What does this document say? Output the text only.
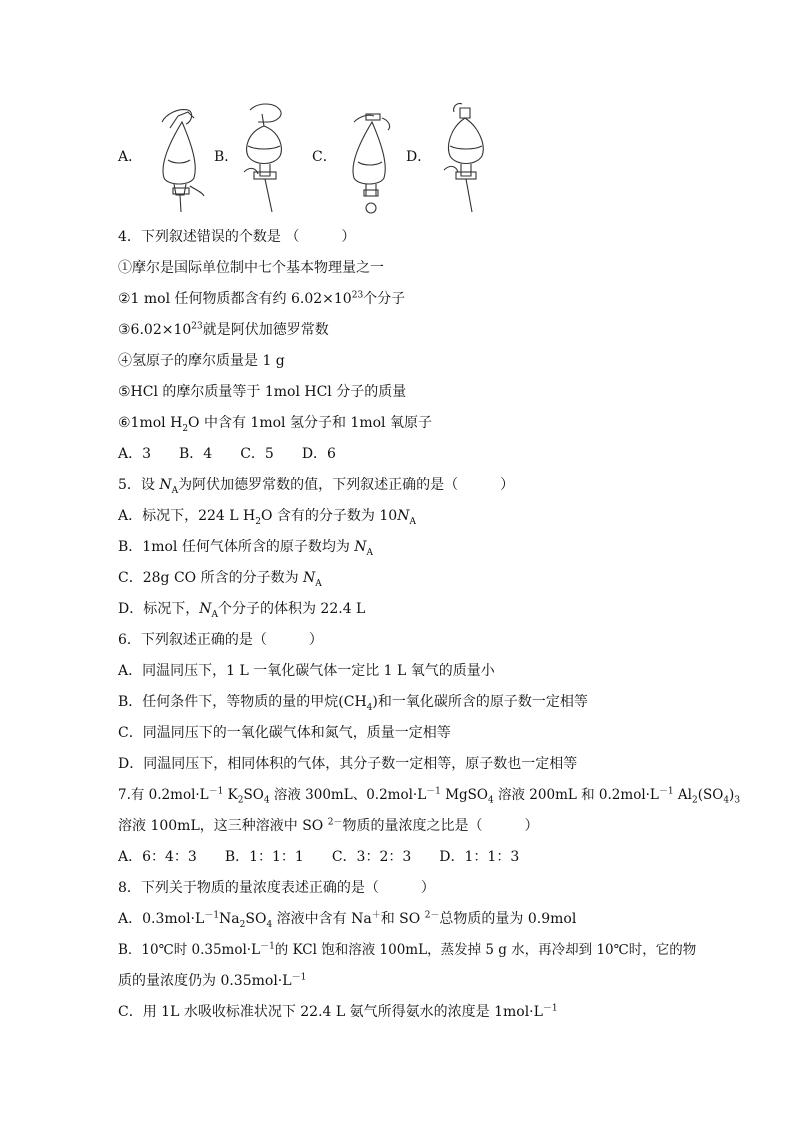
A．	B．	C．	D．
4．下列叙述错误的个数是 （　　　）
①摩尔是国际单位制中七个基本物理量之一
②1 mol 任何物质都含有约 $6.02\times 10^{23}$个分子
$③6.02\times 10^{23}$就是阿伏加德罗常数
④氢原子的摩尔质量是 1 g
⑤HCl 的摩尔质量等于 1mol HCl 分子的质量
⑥1mol $H_2O$ 中含有 1mol 氢分子和 1mol 氧原子
A．3　　B．4　　C．5　　D．6
5．设 $N_A$为阿伏加德罗常数的值，下列叙述正确的是（　　　）
A．标况下，224 L $H_2O$ 含有的分子数为 $10N_A$
B．1mol 任何气体所含的原子数均为 $N_A$
C．28g CO 所含的分子数为 $N_A$
D．标况下，$N_A$个分子的体积为 22.4 L
6．下列叙述正确的是（　　　）
A．同温同压下，1 L 一氧化碳气体一定比 1 L 氧气的质量小
B．任何条件下，等物质的量的甲烷$(CH_4)$和一氧化碳所含的原子数一定相等
C．同温同压下的一氧化碳气体和氮气，质量一定相等
D．同温同压下，相同体积的气体，其分子数一定相等，原子数也一定相等
7.有 $0.2mol\cdot L^{-1}$ $K_2SO_4$ 溶液 300mL、$0.2mol\cdot L^{-1}$ MgSO$_4$ 溶液 200mL 和 $0.2mol\cdot L^{-1}$ $Al_2(SO_4)_3$
溶液 100mL，这三种溶液中 SO $^{2-}$物质的量浓度之比是（　　　）
A．6：4：3　　B．1：1：1　　C．3：2：3　　D．1：1：3
8．下列关于物质的量浓度表述正确的是（　　　）
A．$0.3mol\cdot L^{-1}Na_2SO_4$ 溶液中含有 Na＋和 SO $^{2-}$总物质的量为 0.9mol
B．10℃时 $0.35mol\cdot L^{-1}$的 KCl 饱和溶液 100mL，蒸发掉 5 g 水，再冷却到 10℃时，它的物
质的量浓度仍为 $0.35mol\cdot L^{-1}$
C．用 1L 水吸收标准状况下 22.4 L 氨气所得氨水的浓度是 $1mol\cdot L^{-1}$
